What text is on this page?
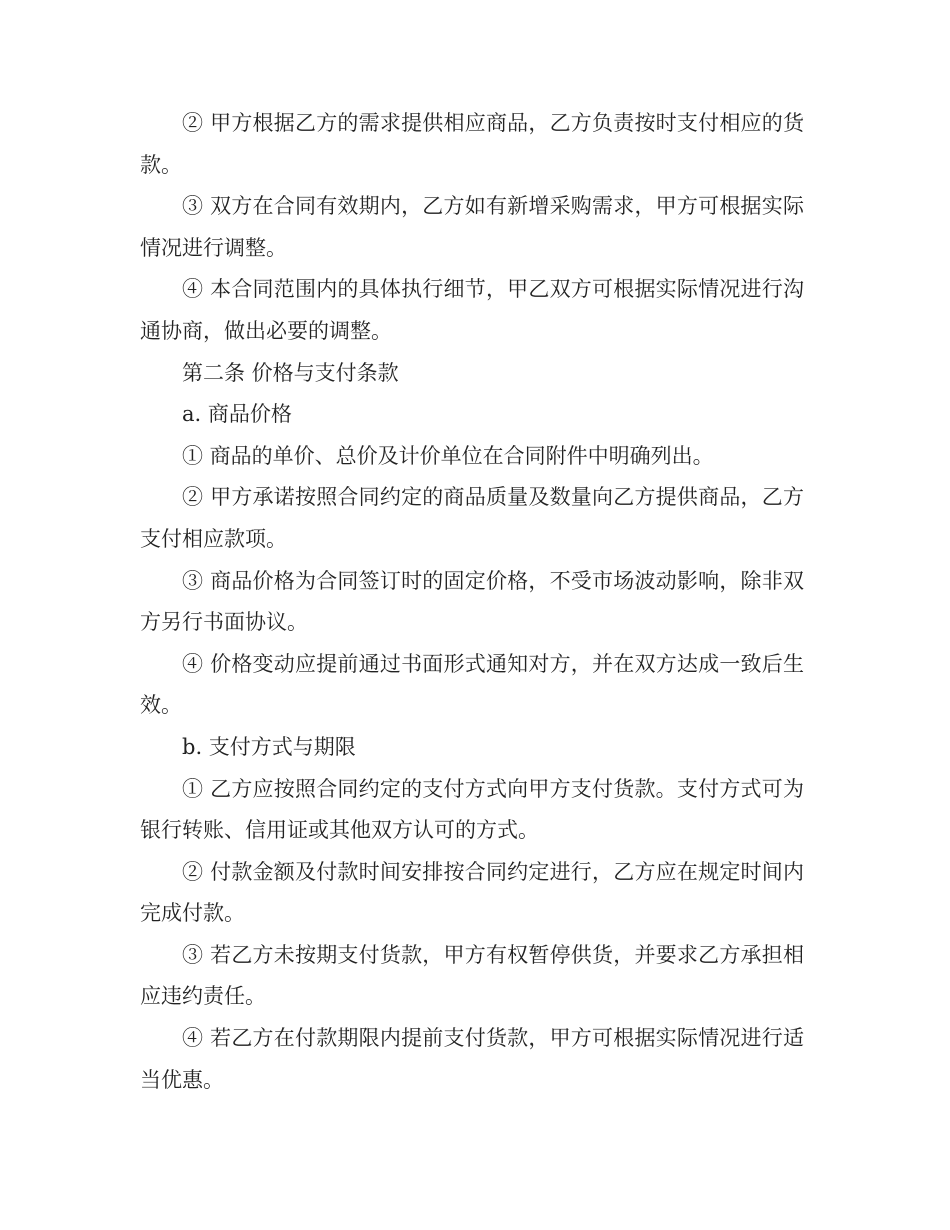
② 甲方根据乙方的需求提供相应商品，乙方负责按时支付相应的货款。

③ 双方在合同有效期内，乙方如有新增采购需求，甲方可根据实际情况进行调整。

④ 本合同范围内的具体执行细节，甲乙双方可根据实际情况进行沟通协商，做出必要的调整。

第二条 价格与支付条款

a. 商品价格

① 商品的单价、总价及计价单位在合同附件中明确列出。

② 甲方承诺按照合同约定的商品质量及数量向乙方提供商品，乙方支付相应款项。

③ 商品价格为合同签订时的固定价格，不受市场波动影响，除非双方另行书面协议。

④ 价格变动应提前通过书面形式通知对方，并在双方达成一致后生效。

b. 支付方式与期限

① 乙方应按照合同约定的支付方式向甲方支付货款。支付方式可为银行转账、信用证或其他双方认可的方式。

② 付款金额及付款时间安排按合同约定进行，乙方应在规定时间内完成付款。

③ 若乙方未按期支付货款，甲方有权暂停供货，并要求乙方承担相应违约责任。

④ 若乙方在付款期限内提前支付货款，甲方可根据实际情况进行适当优惠。
